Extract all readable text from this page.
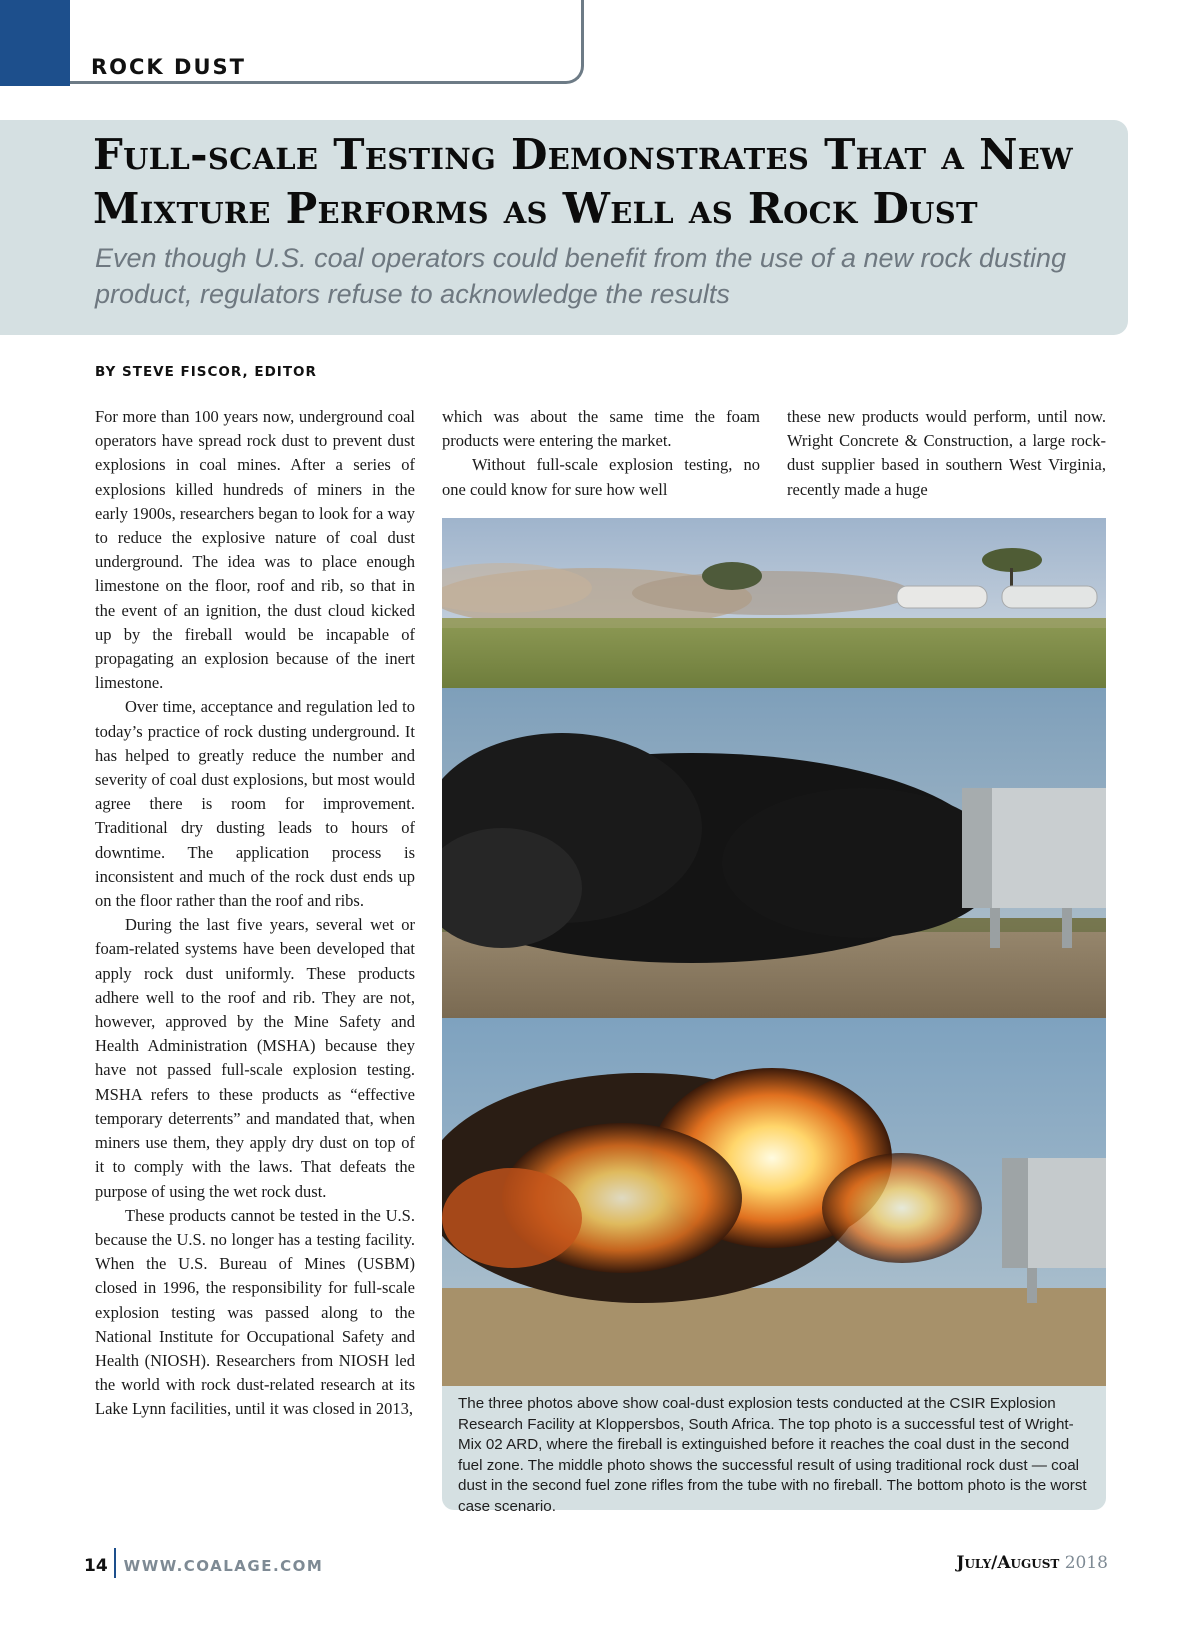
ROCK DUST
Full-scale Testing Demonstrates That a New Mixture Performs as Well as Rock Dust

Even though U.S. coal operators could benefit from the use of a new rock dusting product, regulators refuse to acknowledge the results

BY STEVE FISCOR, EDITOR

For more than 100 years now, underground coal operators have spread rock dust to prevent dust explosions in coal mines. After a series of explosions killed hundreds of miners in the early 1900s, researchers began to look for a way to reduce the explosive nature of coal dust underground. The idea was to place enough limestone on the floor, roof and rib, so that in the event of an ignition, the dust cloud kicked up by the fireball would be incapable of propagating an explosion because of the inert limestone.

Over time, acceptance and regulation led to today’s practice of rock dusting underground. It has helped to greatly reduce the number and severity of coal dust explosions, but most would agree there is room for improvement. Traditional dry dusting leads to hours of downtime. The application process is inconsistent and much of the rock dust ends up on the floor rather than the roof and ribs.

During the last five years, several wet or foam-related systems have been developed that apply rock dust uniformly. These products adhere well to the roof and rib. They are not, however, approved by the Mine Safety and Health Administration (MSHA) because they have not passed full-scale explosion testing. MSHA refers to these products as “effective temporary deterrents” and mandated that, when miners use them, they apply dry dust on top of it to comply with the laws. That defeats the purpose of using the wet rock dust.

These products cannot be tested in the U.S. because the U.S. no longer has a testing facility. When the U.S. Bureau of Mines (USBM) closed in 1996, the responsibility for full-scale explosion testing was passed along to the National Institute for Occupational Safety and Health (NIOSH). Researchers from NIOSH led the world with rock dust-related research at its Lake Lynn facilities, until it was closed in 2013,

which was about the same time the foam products were entering the market.

Without full-scale explosion testing, no one could know for sure how well

these new products would perform, until now. Wright Concrete & Construction, a large rock-dust supplier based in southern West Virginia, recently made a huge

The three photos above show coal-dust explosion tests conducted at the CSIR Explosion Research Facility at Kloppersbos, South Africa. The top photo is a successful test of Wright-Mix 02 ARD, where the fireball is extinguished before it reaches the coal dust in the second fuel zone. The middle photo shows the successful result of using traditional rock dust — coal dust in the second fuel zone rifles from the tube with no fireball. The bottom photo is the worst case scenario.
14 WWW.COALAGE.COM	July/August 2018
